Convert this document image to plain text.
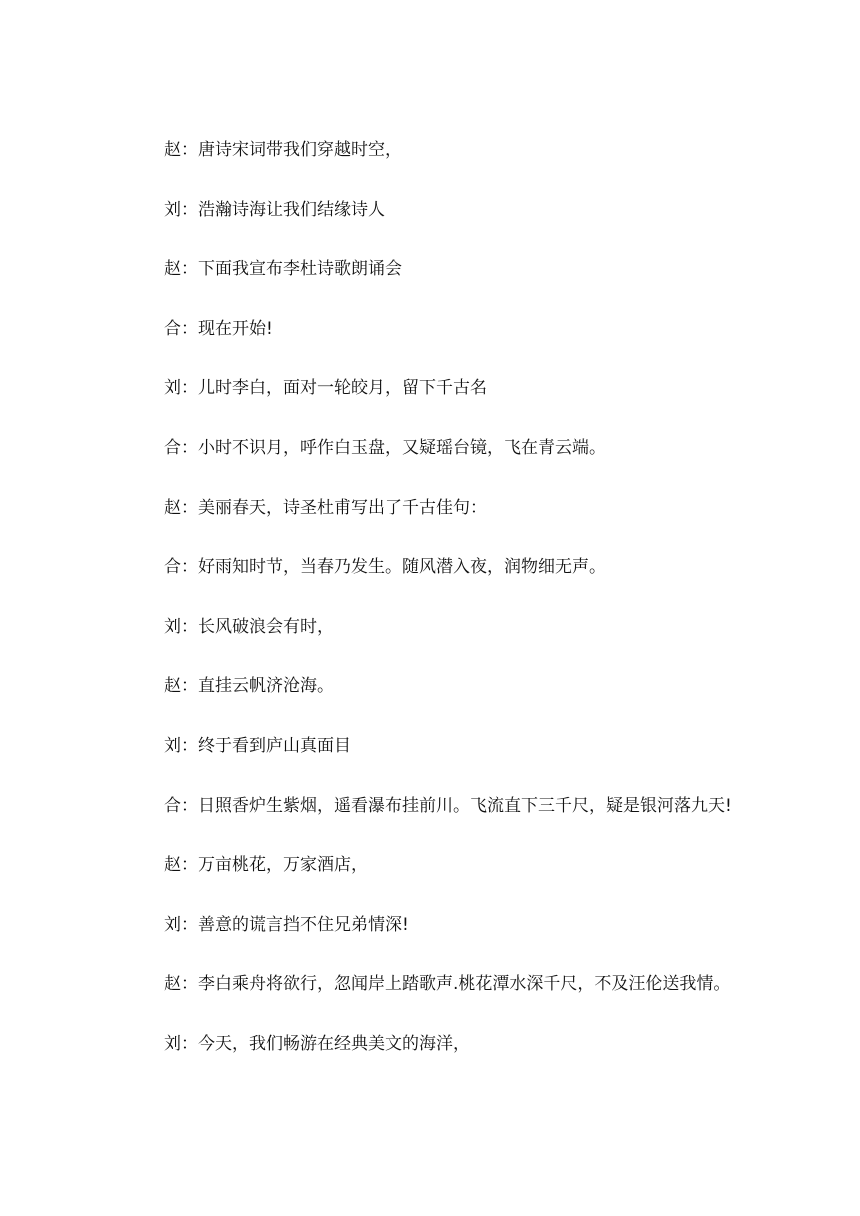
赵：唐诗宋词带我们穿越时空，
刘：浩瀚诗海让我们结缘诗人
赵：下面我宣布李杜诗歌朗诵会
合：现在开始!
刘：儿时李白，面对一轮皎月，留下千古名
合：小时不识月，呼作白玉盘，又疑瑶台镜，飞在青云端。
赵：美丽春天，诗圣杜甫写出了千古佳句：
合：好雨知时节，当春乃发生。随风潜入夜，润物细无声。
刘：长风破浪会有时，
赵：直挂云帆济沧海。
刘：终于看到庐山真面目
合：日照香炉生紫烟，遥看瀑布挂前川。飞流直下三千尺，疑是银河落九天!
赵：万亩桃花，万家酒店，
刘：善意的谎言挡不住兄弟情深!
赵：李白乘舟将欲行，忽闻岸上踏歌声.桃花潭水深千尺，不及汪伦送我情。
刘：今天，我们畅游在经典美文的海洋，
